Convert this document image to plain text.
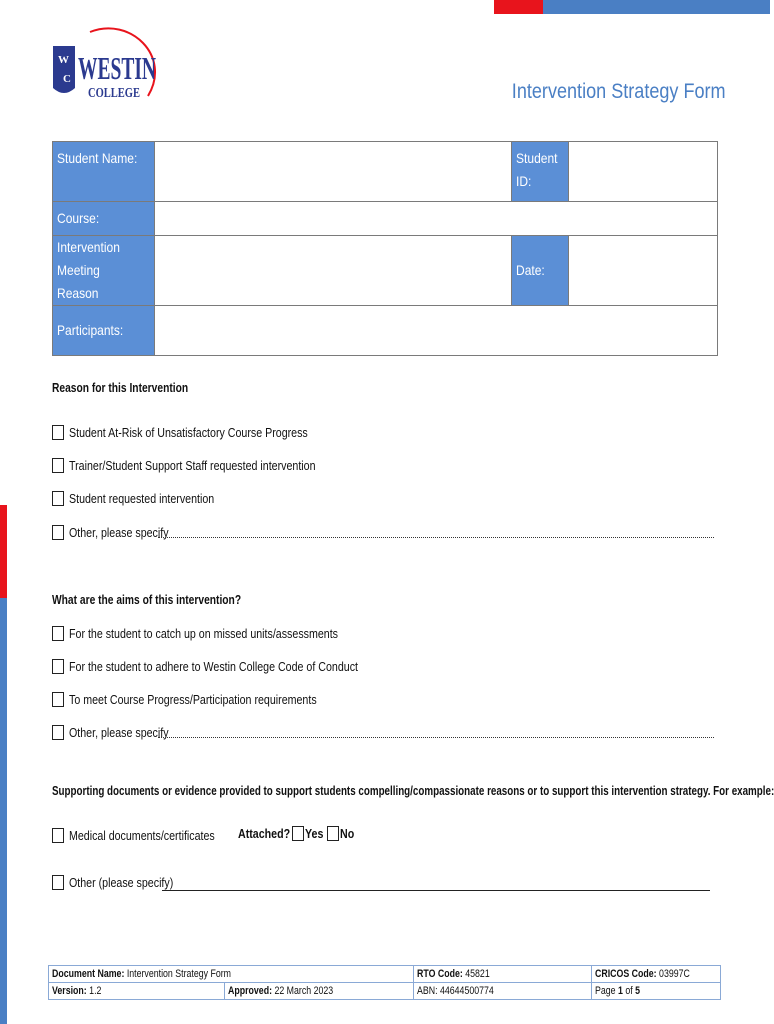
W
C WESTIN
COLLEGE	Intervention Strategy Form
Student Name:		Student
ID:	
Course:			
Intervention
Meeting
Reason		Date:	
Participants:			
Reason for this Intervention
Student At-Risk of Unsatisfactory Course Progress
Trainer/Student Support Staff requested intervention
Student requested intervention
Other, please specify
What are the aims of this intervention?
For the student to catch up on missed units/assessments
For the student to adhere to Westin College Code of Conduct
To meet Course Progress/Participation requirements
Other, please specify
Supporting documents or evidence provided to support students compelling/compassionate reasons or to support this intervention strategy. For example:
Medical documents/certificates Attached? Yes No
Other (please specify)
Document Name: Intervention Strategy Form		RTO Code: 45821	CRICOS Code: 03997C
Version: 1.2	Approved: 22 March 2023	ABN: 44644500774	Page 1 of 5
